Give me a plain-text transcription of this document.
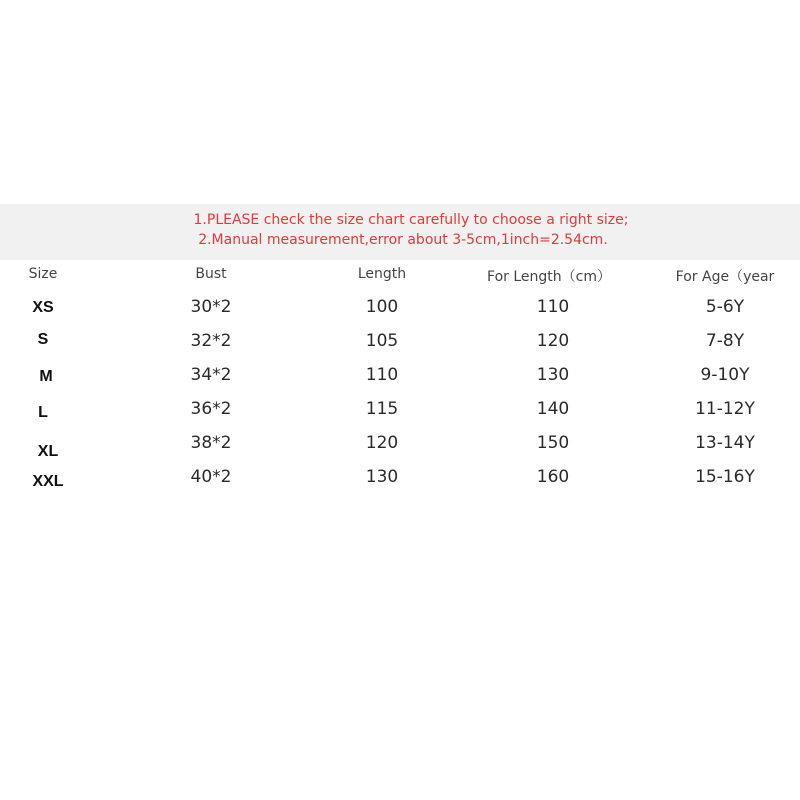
1.PLEASE check the size chart carefully to choose a right size;
2.Manual measurement,error about 3-5cm,1inch=2.54cm.
Size	Bust	Length	For Length（cm）	For Age（year
XS	30*2	100	110	5-6Y
S	32*2	105	120	7-8Y
M	34*2	110	130	9-10Y
L	36*2	115	140	11-12Y
XL	38*2	120	150	13-14Y
XXL	40*2	130	160	15-16Y
